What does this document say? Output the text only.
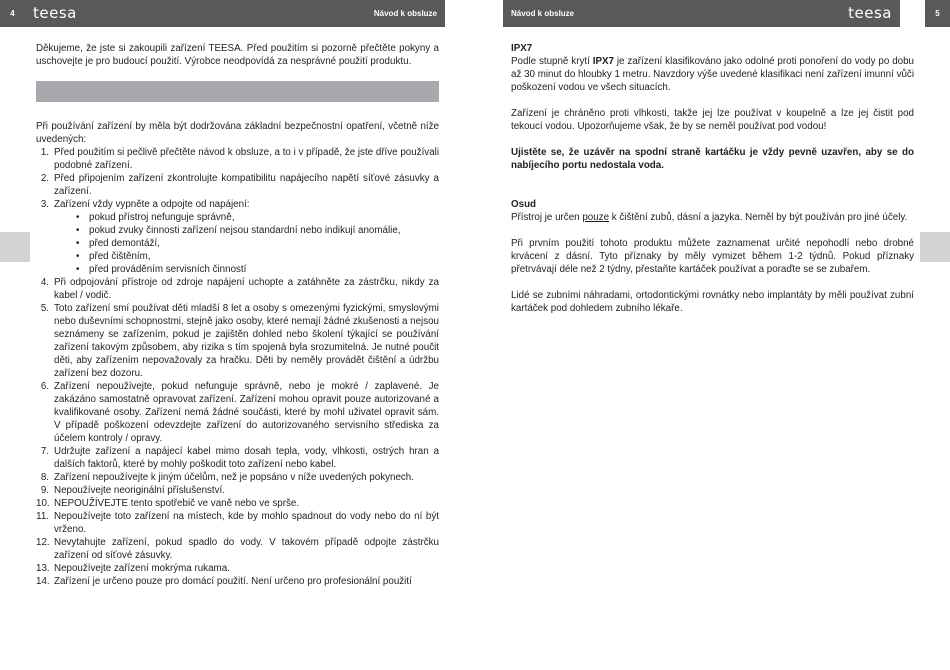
4	teesa	Návod k obsluze	Návod k obsluze	teesa	5

Děkujeme, že jste si zakoupili zařízení TEESA. Před použitím si pozorně přečtěte pokyny a uschovejte je pro budoucí použití. Výrobce neodpovídá za nesprávné použití produktu.

Při používání zařízení by měla být dodržována základní bezpečnostní opatření, včetně níže uvedených:

1. Před použitím si pečlivě přečtěte návod k obsluze, a to i v případě, že jste dříve používali podobné zařízení.
2. Před připojením zařízení zkontrolujte kompatibilitu napájecího napětí síťové zásuvky a zařízení.
3. Zařízení vždy vypněte a odpojte od napájení:
• pokud přístroj nefunguje správně,
• pokud zvuky činnosti zařízení nejsou standardní nebo indikují anomálie,
• před demontáží,
• před čištěním,
• před prováděním servisních činností
4. Při odpojování přístroje od zdroje napájení uchopte a zatáhněte za zástrčku, nikdy za kabel / vodič.
5. Toto zařízení smí používat děti mladší 8 let a osoby s omezenými fyzickými, smyslovými nebo duševními schopnostmi, stejně jako osoby, které nemají žádné zkušenosti a nejsou seznámeny se zařízením, pokud je zajištěn dohled nebo školení týkající se používání zařízení takovým způsobem, aby rizika s tím spojená byla srozumitelná. Je nutné poučit děti, aby zařízením nepovažovaly za hračku. Děti by neměly provádět čištění a údržbu zařízení bez dozoru.
6. Zařízení nepoužívejte, pokud nefunguje správně, nebo je mokré / zaplavené. Je zakázáno samostatně opravovat zařízení. Zařízení mohou opravit pouze autorizované a kvalifikované osoby. Zařízení nemá žádné součásti, které by mohl uživatel opravit sám. V případě poškození odevzdejte zařízení do autorizovaného servisního střediska za účelem kontroly / opravy.
7. Udržujte zařízení a napájecí kabel mimo dosah tepla, vody, vlhkosti, ostrých hran a dalších faktorů, které by mohly poškodit toto zařízení nebo kabel.
8. Zařízení nepoužívejte k jiným účelům, než je popsáno v níže uvedených pokynech.
9. Nepoužívejte neoriginální příslušenství.
10. NEPOUŽÍVEJTE tento spotřebič ve vaně nebo ve sprše.
11. Nepoužívejte toto zařízení na místech, kde by mohlo spadnout do vody nebo do ní být vrženo.
12. Nevytahujte zařízení, pokud spadlo do vody. V takovém případě odpojte zástrčku zařízení od síťové zásuvky.
13. Nepoužívejte zařízení mokrýma rukama.
14. Zařízení je určeno pouze pro domácí použití. Není určeno pro profesionální použití

IPX7

Podle stupně krytí IPX7 je zařízení klasifikováno jako odolné proti ponoření do vody po dobu až 30 minut do hloubky 1 metru. Navzdory výše uvedené klasifikaci není zařízení imunní vůči poškození vodou ve všech situacích.

Zařízení je chráněno proti vlhkosti, takže jej lze používat v koupelně a lze jej čistit pod tekoucí vodou. Upozorňujeme však, že by se neměl používat pod vodou!

Ujistěte se, že uzávěr na spodní straně kartáčku je vždy pevně uzavřen, aby se do nabíjecího portu nedostala voda.

Osud

Přístroj je určen pouze k čištění zubů, dásní a jazyka. Neměl by být používán pro jiné účely.

Při prvním použití tohoto produktu můžete zaznamenat určité nepohodlí nebo drobné krvácení z dásní. Tyto příznaky by měly vymizet během 1-2 týdnů. Pokud příznaky přetrvávají déle než 2 týdny, přestaňte kartáček používat a poraďte se se zubařem.

Lidé se zubními náhradami, ortodontickými rovnátky nebo implantáty by měli používat zubní kartáček pod dohledem zubního lékaře.
